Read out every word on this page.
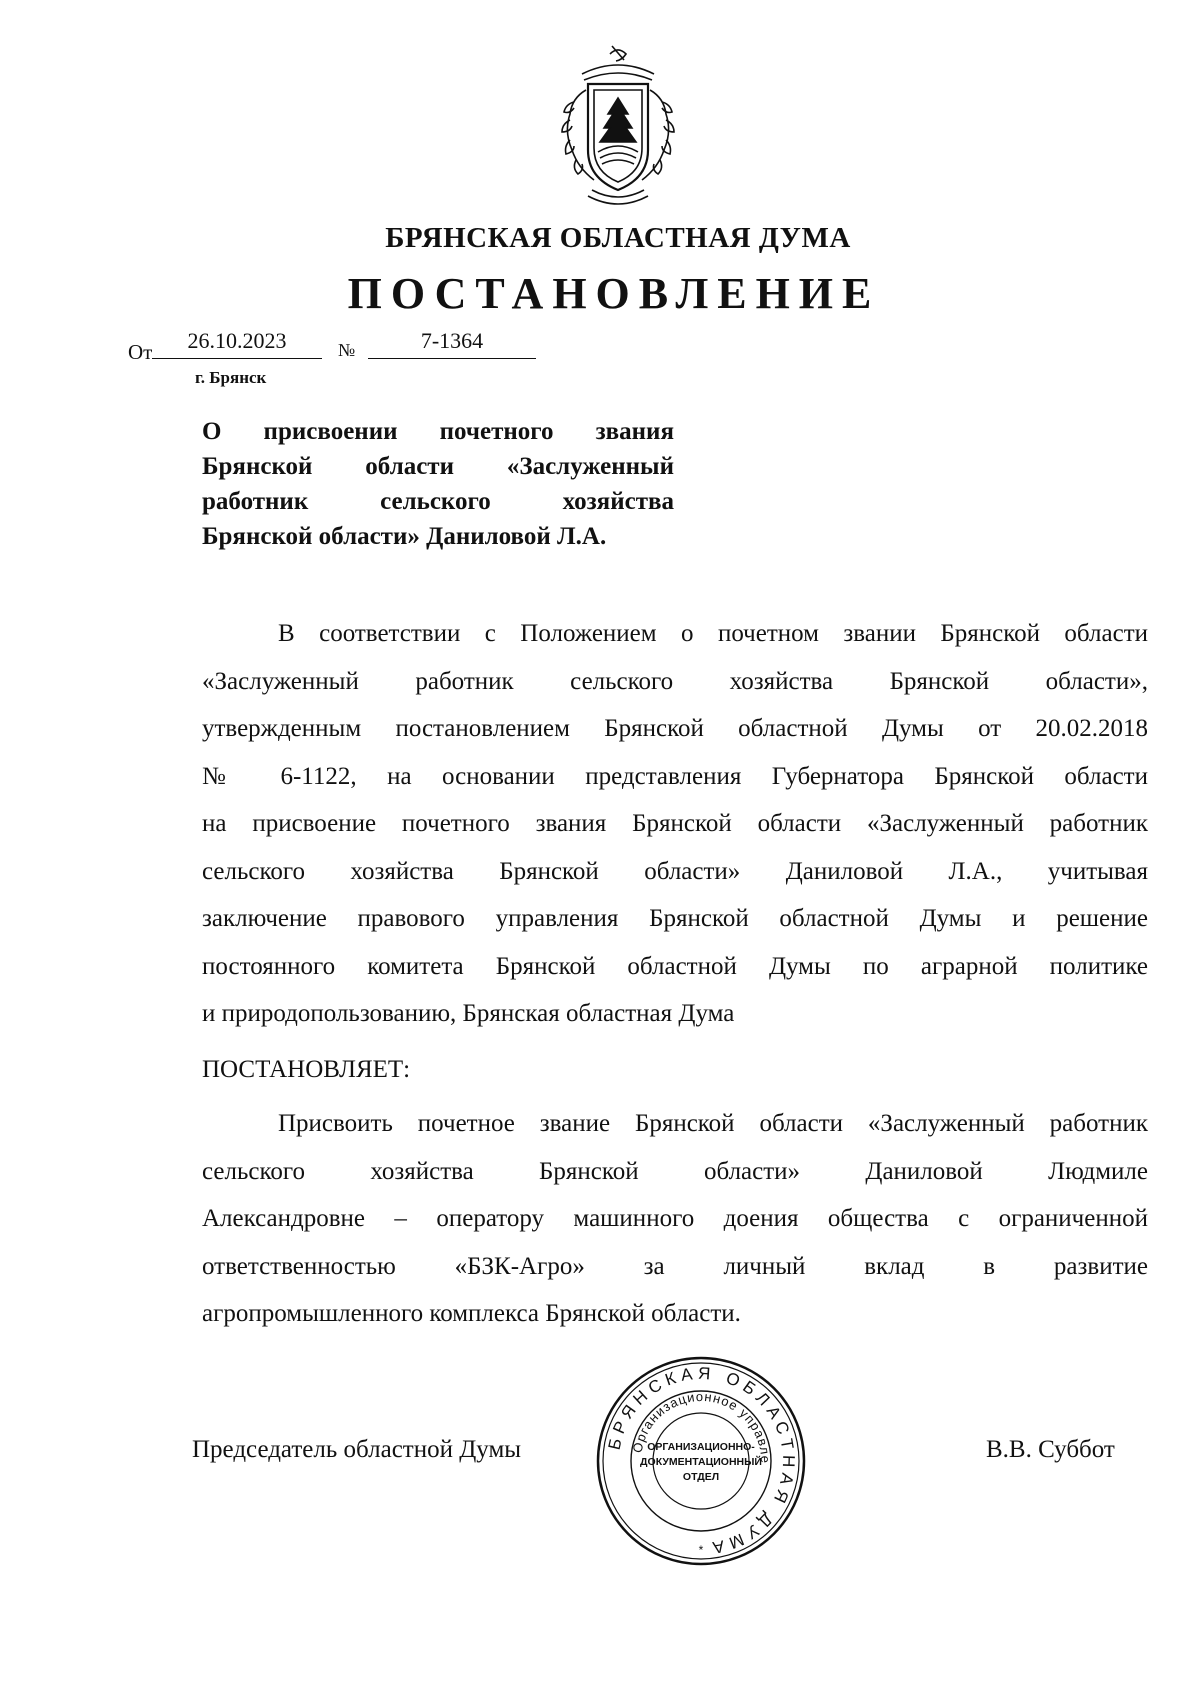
БРЯНСКАЯ ОБЛАСТНАЯ ДУМА
ПОСТАНОВЛЕНИЕ
От	26.10.2023	№	7-1364
г. Брянск
О присвоении почетного звания
Брянской области «Заслуженный
работник сельского хозяйства
Брянской области» Даниловой Л.А.
В соответствии с Положением о почетном звании Брянской области
«Заслуженный работник сельского хозяйства Брянской области»,
утвержденным постановлением Брянской областной Думы от 20.02.2018
№ 6-1122, на основании представления Губернатора Брянской области
на присвоение почетного звания Брянской области «Заслуженный работник
сельского хозяйства Брянской области» Даниловой Л.А., учитывая
заключение правового управления Брянской областной Думы и решение
постоянного комитета Брянской областной Думы по аграрной политике
и природопользованию, Брянская областная Дума
ПОСТАНОВЛЯЕТ:
Присвоить почетное звание Брянской области «Заслуженный работник
сельского хозяйства Брянской области» Даниловой Людмиле
Александровне – оператору машинного доения общества с ограниченной
ответственностью «БЗК-Агро» за личный вклад в развитие
агропромышленного комплекса Брянской области.
Председатель областной Думы	В.В. Суббот
БРЯНСКАЯ ОБЛАСТНАЯ ДУМА
Организационное управле
ОРГАНИЗАЦИОННО-
ДОКУМЕНТАЦИОННЫЙ
ОТДЕЛ
*
